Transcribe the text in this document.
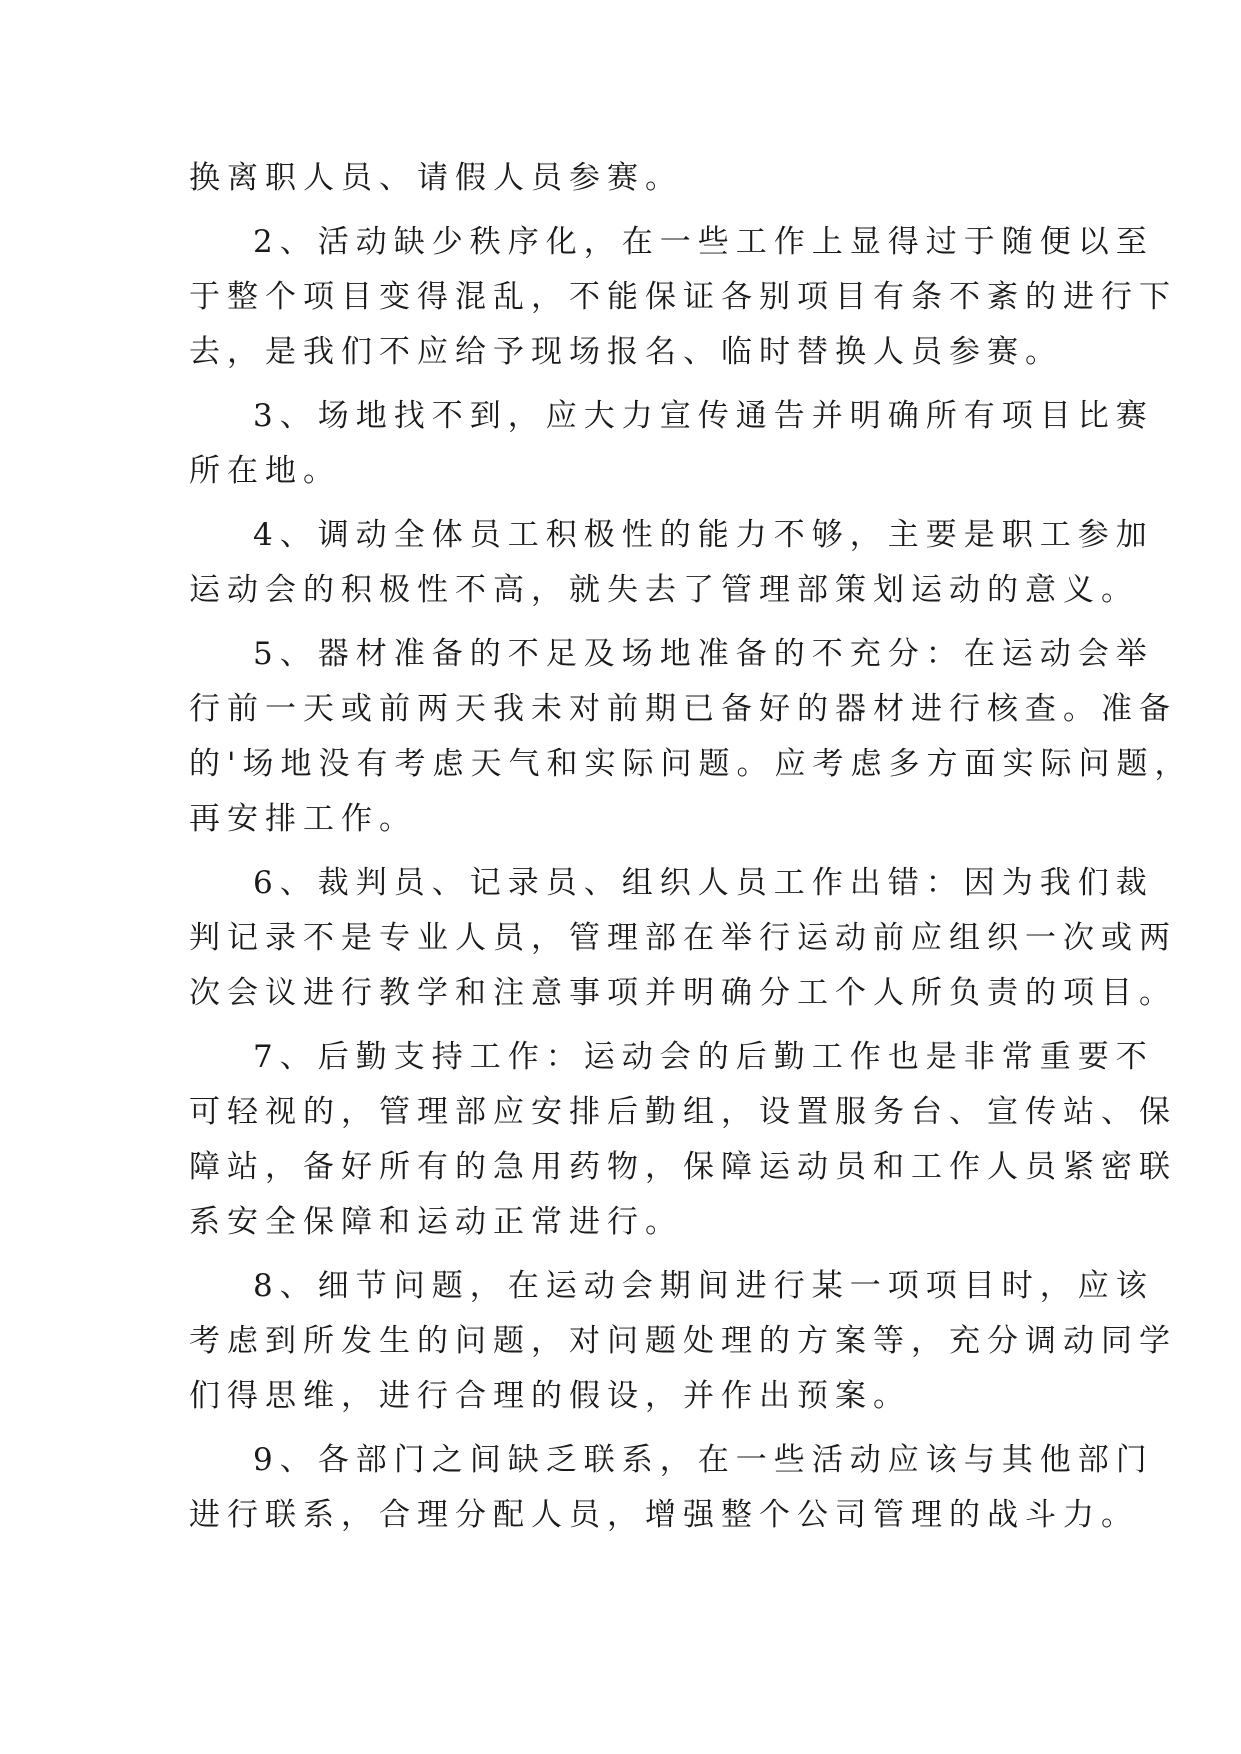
换离职人员、请假人员参赛。

2、活动缺少秩序化，在一些工作上显得过于随便以至

于整个项目变得混乱，不能保证各别项目有条不紊的进行下

去，是我们不应给予现场报名、临时替换人员参赛。

3、场地找不到，应大力宣传通告并明确所有项目比赛

所在地。

4、调动全体员工积极性的能力不够，主要是职工参加

运动会的积极性不高，就失去了管理部策划运动的意义。

5、器材准备的不足及场地准备的不充分：在运动会举

行前一天或前两天我未对前期已备好的器材进行核查。准备

的'场地没有考虑天气和实际问题。应考虑多方面实际问题，

再安排工作。

6、裁判员、记录员、组织人员工作出错：因为我们裁

判记录不是专业人员，管理部在举行运动前应组织一次或两

次会议进行教学和注意事项并明确分工个人所负责的项目。

7、后勤支持工作：运动会的后勤工作也是非常重要不

可轻视的，管理部应安排后勤组，设置服务台、宣传站、保

障站，备好所有的急用药物，保障运动员和工作人员紧密联

系安全保障和运动正常进行。

8、细节问题，在运动会期间进行某一项项目时，应该

考虑到所发生的问题，对问题处理的方案等，充分调动同学

们得思维，进行合理的假设，并作出预案。

9、各部门之间缺乏联系，在一些活动应该与其他部门

进行联系，合理分配人员，增强整个公司管理的战斗力。
